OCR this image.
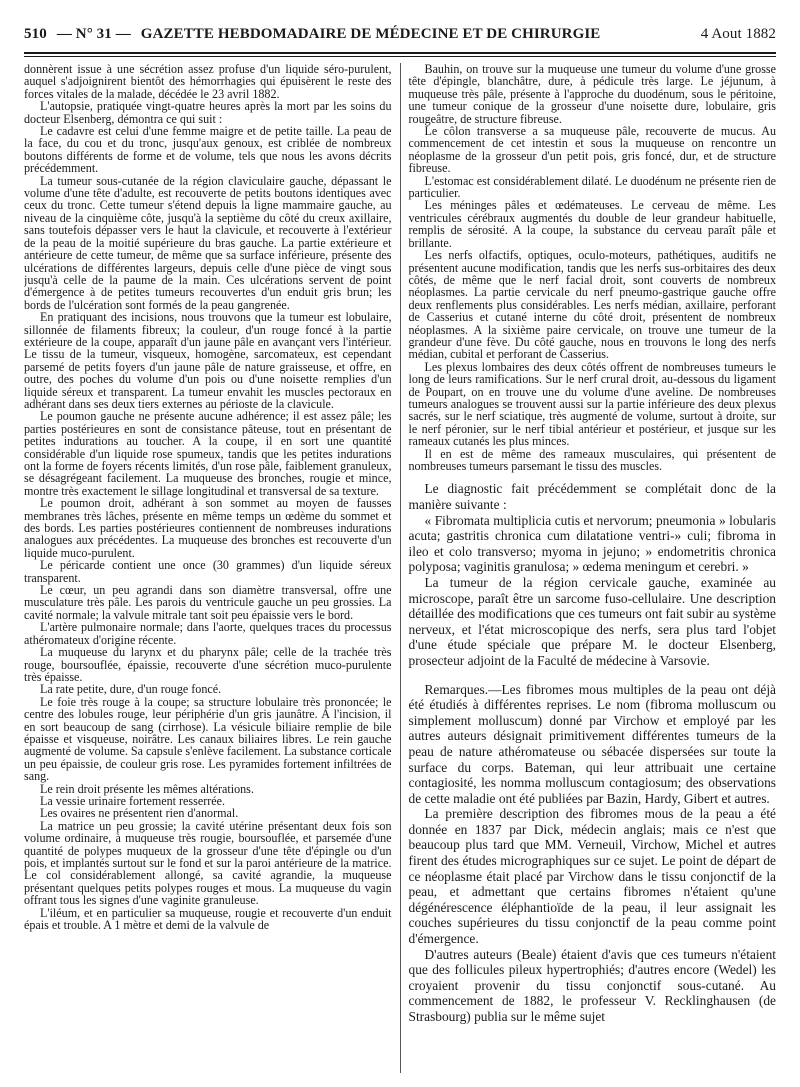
510 — N° 31 — GAZETTE HEBDOMADAIRE DE MÉDECINE ET DE CHIRURGIE	4 Aout 1882

donnèrent issue à une sécrétion assez profuse d'un liquide séro-purulent, auquel s'adjoignirent bientôt des hémorrhagies qui épuisèrent le reste des forces vitales de la malade, décédée le 23 avril 1882.

L'autopsie, pratiquée vingt-quatre heures après la mort par les soins du docteur Elsenberg, démontra ce qui suit :

Le cadavre est celui d'une femme maigre et de petite taille. La peau de la face, du cou et du tronc, jusqu'aux genoux, est criblée de nombreux boutons différents de forme et de volume, tels que nous les avons décrits précédemment.

La tumeur sous-cutanée de la région claviculaire gauche, dépassant le volume d'une tête d'adulte, est recouverte de petits boutons identiques avec ceux du tronc. Cette tumeur s'étend depuis la ligne mammaire gauche, au niveau de la cinquième côte, jusqu'à la septième du côté du creux axillaire, sans toutefois dépasser vers le haut la clavicule, et recouverte à l'extérieur de la peau de la moitié supérieure du bras gauche. La partie extérieure et antérieure de cette tumeur, de même que sa surface inférieure, présente des ulcérations de différentes largeurs, depuis celle d'une pièce de vingt sous jusqu'à celle de la paume de la main. Ces ulcérations servent de point d'émergence à de petites tumeurs recouvertes d'un enduit gris brun; les bords de l'ulcération sont formés de la peau gangrenée.

En pratiquant des incisions, nous trouvons que la tumeur est lobulaire, sillonnée de filaments fibreux; la couleur, d'un rouge foncé à la partie extérieure de la coupe, apparaît d'un jaune pâle en avançant vers l'intérieur. Le tissu de la tumeur, visqueux, homogène, sarcomateux, est cependant parsemé de petits foyers d'un jaune pâle de nature graisseuse, et offre, en outre, des poches du volume d'un pois ou d'une noisette remplies d'un liquide séreux et transparent. La tumeur envahit les muscles pectoraux en adhérant dans ses deux tiers externes au périoste de la clavicule.

Le poumon gauche ne présente aucune adhérence; il est assez pâle; les parties postérieures en sont de consistance pâteuse, tout en présentant de petites indurations au toucher. A la coupe, il en sort une quantité considérable d'un liquide rose spumeux, tandis que les petites indurations ont la forme de foyers récents limités, d'un rose pâle, faiblement granuleux, se désagrégeant facilement. La muqueuse des bronches, rougie et mince, montre très exactement le sillage longitudinal et transversal de sa texture.

Le poumon droit, adhérant à son sommet au moyen de fausses membranes très lâches, présente en même temps un œdème du sommet et des bords. Les parties postérieures contiennent de nombreuses indurations analogues aux précédentes. La muqueuse des bronches est recouverte d'un liquide muco-purulent.

Le péricarde contient une once (30 grammes) d'un liquide séreux transparent.

Le cœur, un peu agrandi dans son diamètre transversal, offre une musculature très pâle. Les parois du ventricule gauche un peu grossies. La cavité normale; la valvule mitrale tant soit peu épaissie vers le bord.

L'artère pulmonaire normale; dans l'aorte, quelques traces du processus athéromateux d'origine récente.

La muqueuse du larynx et du pharynx pâle; celle de la trachée très rouge, boursouflée, épaissie, recouverte d'une sécrétion muco-purulente très épaisse.

La rate petite, dure, d'un rouge foncé.

Le foie très rouge à la coupe; sa structure lobulaire très prononcée; le centre des lobules rouge, leur périphérie d'un gris jaunâtre. A l'incision, il en sort beaucoup de sang (cirrhose). La vésicule biliaire remplie de bile épaisse et visqueuse, noirâtre. Les canaux biliaires libres. Le rein gauche augmenté de volume. Sa capsule s'enlève facilement. La substance corticale un peu épaissie, de couleur gris rose. Les pyramides fortement infiltrées de sang.

Le rein droit présente les mêmes altérations.

La vessie urinaire fortement resserrée.

Les ovaires ne présentent rien d'anormal.

La matrice un peu grossie; la cavité utérine présentant deux fois son volume ordinaire, à muqueuse très rougie, boursouflée, et parsemée d'une quantité de polypes muqueux de la grosseur d'une tête d'épingle ou d'un pois, et implantés surtout sur le fond et sur la paroi antérieure de la matrice. Le col considérablement allongé, sa cavité agrandie, la muqueuse présentant quelques petits polypes rouges et mous. La muqueuse du vagin offrant tous les signes d'une vaginite granuleuse.

L'iléum, et en particulier sa muqueuse, rougie et recouverte d'un enduit épais et trouble. A 1 mètre et demi de la valvule de

Bauhin, on trouve sur la muqueuse une tumeur du volume d'une grosse tête d'épingle, blanchâtre, dure, à pédicule très large. Le jéjunum, à muqueuse très pâle, présente à l'approche du duodénum, sous le péritoine, une tumeur conique de la grosseur d'une noisette dure, lobulaire, gris rougeâtre, de structure fibreuse.

Le côlon transverse a sa muqueuse pâle, recouverte de mucus. Au commencement de cet intestin et sous la muqueuse on rencontre un néoplasme de la grosseur d'un petit pois, gris foncé, dur, et de structure fibreuse.

L'estomac est considérablement dilaté. Le duodénum ne présente rien de particulier.

Les méninges pâles et œdémateuses. Le cerveau de même. Les ventricules cérébraux augmentés du double de leur grandeur habituelle, remplis de sérosité. A la coupe, la substance du cerveau paraît pâle et brillante.

Les nerfs olfactifs, optiques, oculo-moteurs, pathétiques, auditifs ne présentent aucune modification, tandis que les nerfs sus-orbitaires des deux côtés, de même que le nerf facial droit, sont couverts de nombreux néoplasmes. La partie cervicale du nerf pneumo-gastrique gauche offre deux renflements plus considérables. Les nerfs médian, axillaire, perforant de Casserius et cutané interne du côté droit, présentent de nombreux néoplasmes. A la sixième paire cervicale, on trouve une tumeur de la grandeur d'une fève. Du côté gauche, nous en trouvons le long des nerfs médian, cubital et perforant de Casserius.

Les plexus lombaires des deux côtés offrent de nombreuses tumeurs le long de leurs ramifications. Sur le nerf crural droit, au-dessous du ligament de Poupart, on en trouve une du volume d'une aveline. De nombreuses tumeurs analogues se trouvent aussi sur la partie inférieure des deux plexus sacrés, sur le nerf sciatique, très augmenté de volume, surtout à droite, sur le nerf péronier, sur le nerf tibial antérieur et postérieur, et jusque sur les rameaux cutanés les plus minces.

Il en est de même des rameaux musculaires, qui présentent de nombreuses tumeurs parsemant le tissu des muscles.

Le diagnostic fait précédemment se complétait donc de la manière suivante :

« Fibromata multiplicia cutis et nervorum; pneumonia » lobularis acuta; gastritis chronica cum dilatatione ventri-» culi; fibroma in ileo et colo transverso; myoma in jejuno; » endometritis chronica polyposa; vaginitis granulosa; » œdema meningum et cerebri. »

La tumeur de la région cervicale gauche, examinée au microscope, paraît être un sarcome fuso-cellulaire. Une description détaillée des modifications que ces tumeurs ont fait subir au système nerveux, et l'état microscopique des nerfs, sera plus tard l'objet d'une étude spéciale que prépare M. le docteur Elsenberg, prosecteur adjoint de la Faculté de médecine à Varsovie.

Remarques.—Les fibromes mous multiples de la peau ont déjà été étudiés à différentes reprises. Le nom (fibroma molluscum ou simplement molluscum) donné par Virchow et employé par les autres auteurs désignait primitivement différentes tumeurs de la peau de nature athéromateuse ou sébacée dispersées sur toute la surface du corps. Bateman, qui leur attribuait une certaine contagiosité, les nomma molluscum contagiosum; des observations de cette maladie ont été publiées par Bazin, Hardy, Gibert et autres.

La première description des fibromes mous de la peau a été donnée en 1837 par Dick, médecin anglais; mais ce n'est que beaucoup plus tard que MM. Verneuil, Virchow, Michel et autres firent des études micrographiques sur ce sujet. Le point de départ de ce néoplasme était placé par Virchow dans le tissu conjonctif de la peau, et admettant que certains fibromes n'étaient qu'une dégénérescence éléphantioïde de la peau, il leur assignait les couches supérieures du tissu conjonctif de la peau comme point d'émergence.

D'autres auteurs (Beale) étaient d'avis que ces tumeurs n'étaient que des follicules pileux hypertrophiés; d'autres encore (Wedel) les croyaient provenir du tissu conjonctif sous-cutané. Au commencement de 1882, le professeur V. Recklinghausen (de Strasbourg) publia sur le même sujet
